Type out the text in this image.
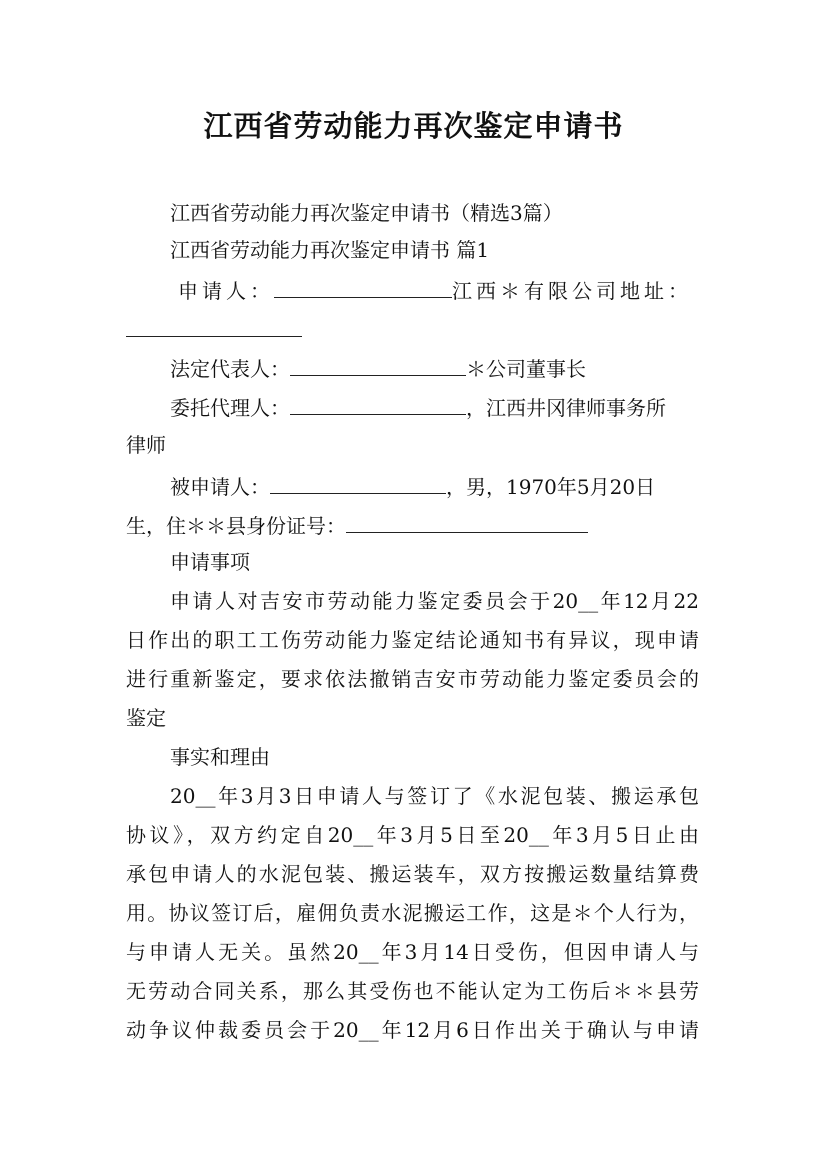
江西省劳动能力再次鉴定申请书
江西省劳动能力再次鉴定申请书（精选3篇）
江西省劳动能力再次鉴定申请书 篇1
申请人：	江西＊有限公司地址：
法定代表人：	＊公司董事长
委托代理人：	，江西井冈律师事务所
律师
被申请人：	，男，1970年5月20日
生，住＊＊县身份证号：
申请事项
申请人对吉安市劳动能力鉴定委员会于20__年12月22
日作出的职工工伤劳动能力鉴定结论通知书有异议，现申请
进行重新鉴定，要求依法撤销吉安市劳动能力鉴定委员会的
鉴定
事实和理由
20__年3月3日申请人与签订了《水泥包装、搬运承包
协议》，双方约定自20__年3月5日至20__年3月5日止由
承包申请人的水泥包装、搬运装车，双方按搬运数量结算费
用。协议签订后，雇佣负责水泥搬运工作，这是＊个人行为，
与申请人无关。虽然20__年3月14日受伤，但因申请人与
无劳动合同关系，那么其受伤也不能认定为工伤后＊＊县劳
动争议仲裁委员会于20__年12月6日作出关于确认与申请
